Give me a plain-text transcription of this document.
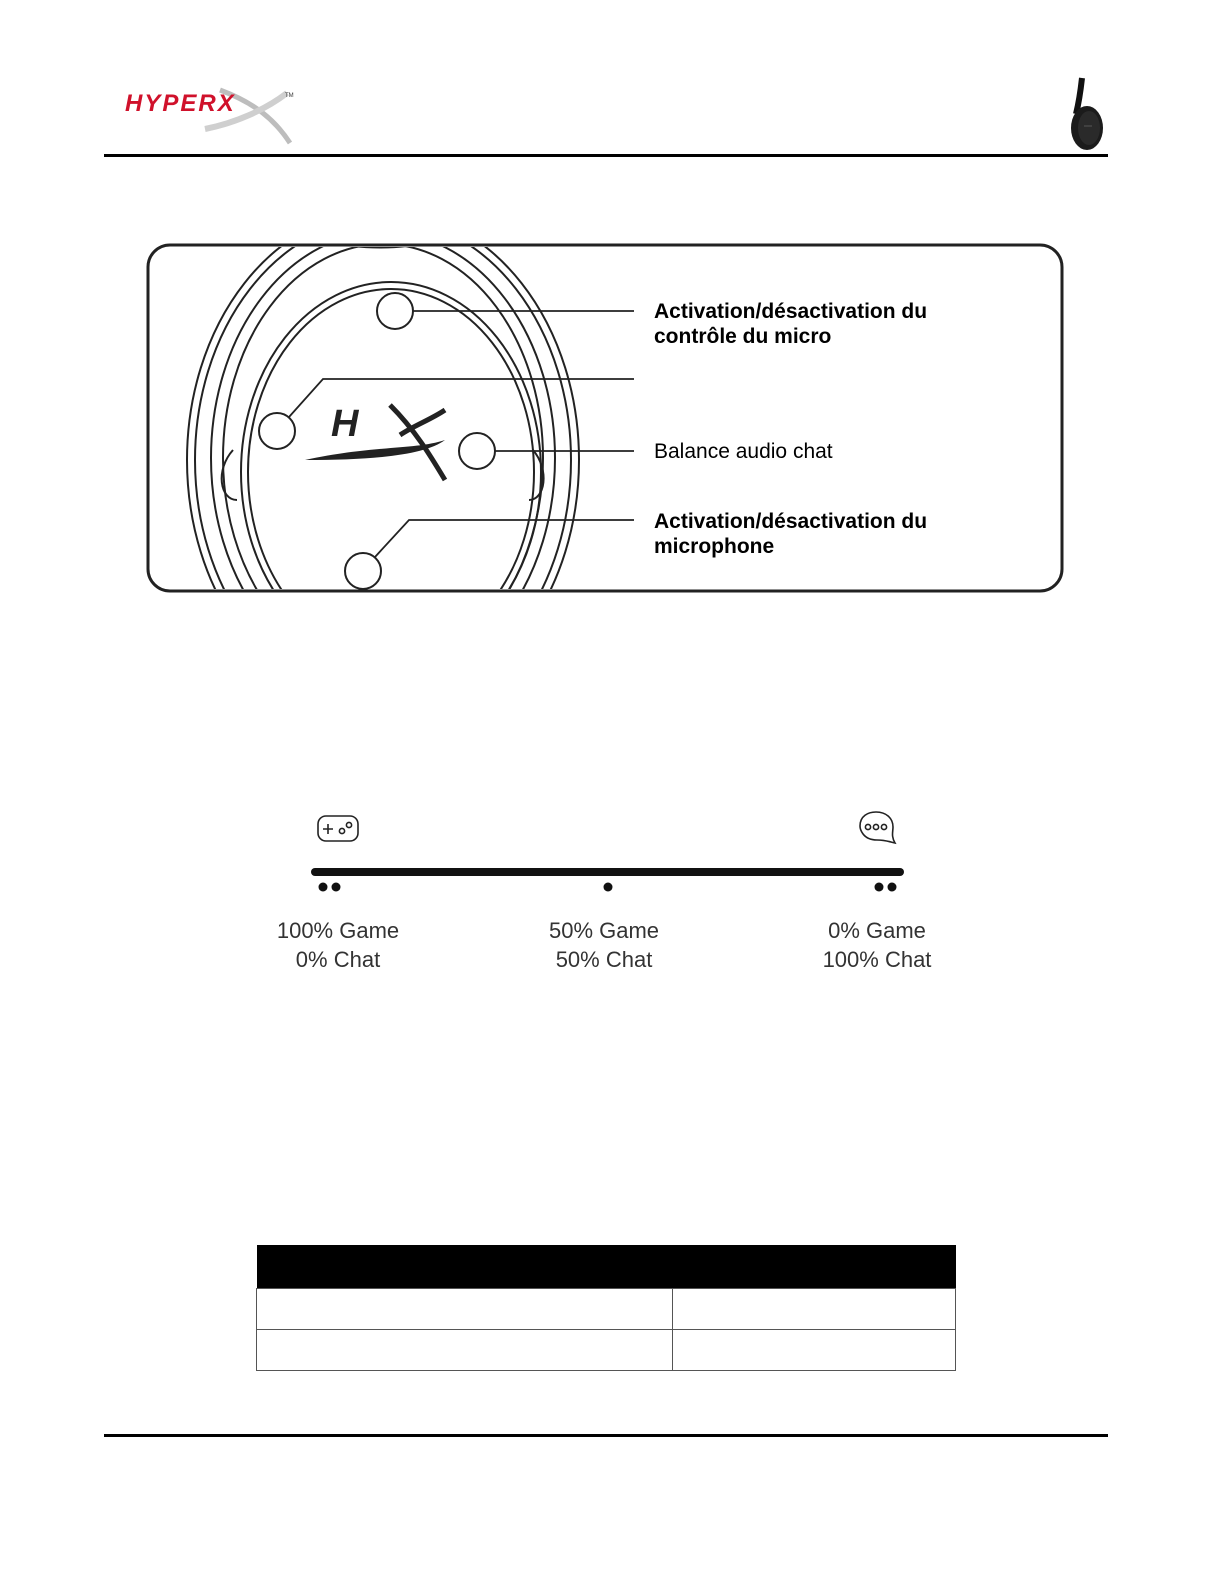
HYPERX	TM
H

Activation/désactivation du
contrôle du micro

Balance audio chat

Activation/désactivation du
microphone

100% Game
0% Chat
50% Game
50% Chat
0% Game
100% Chat
